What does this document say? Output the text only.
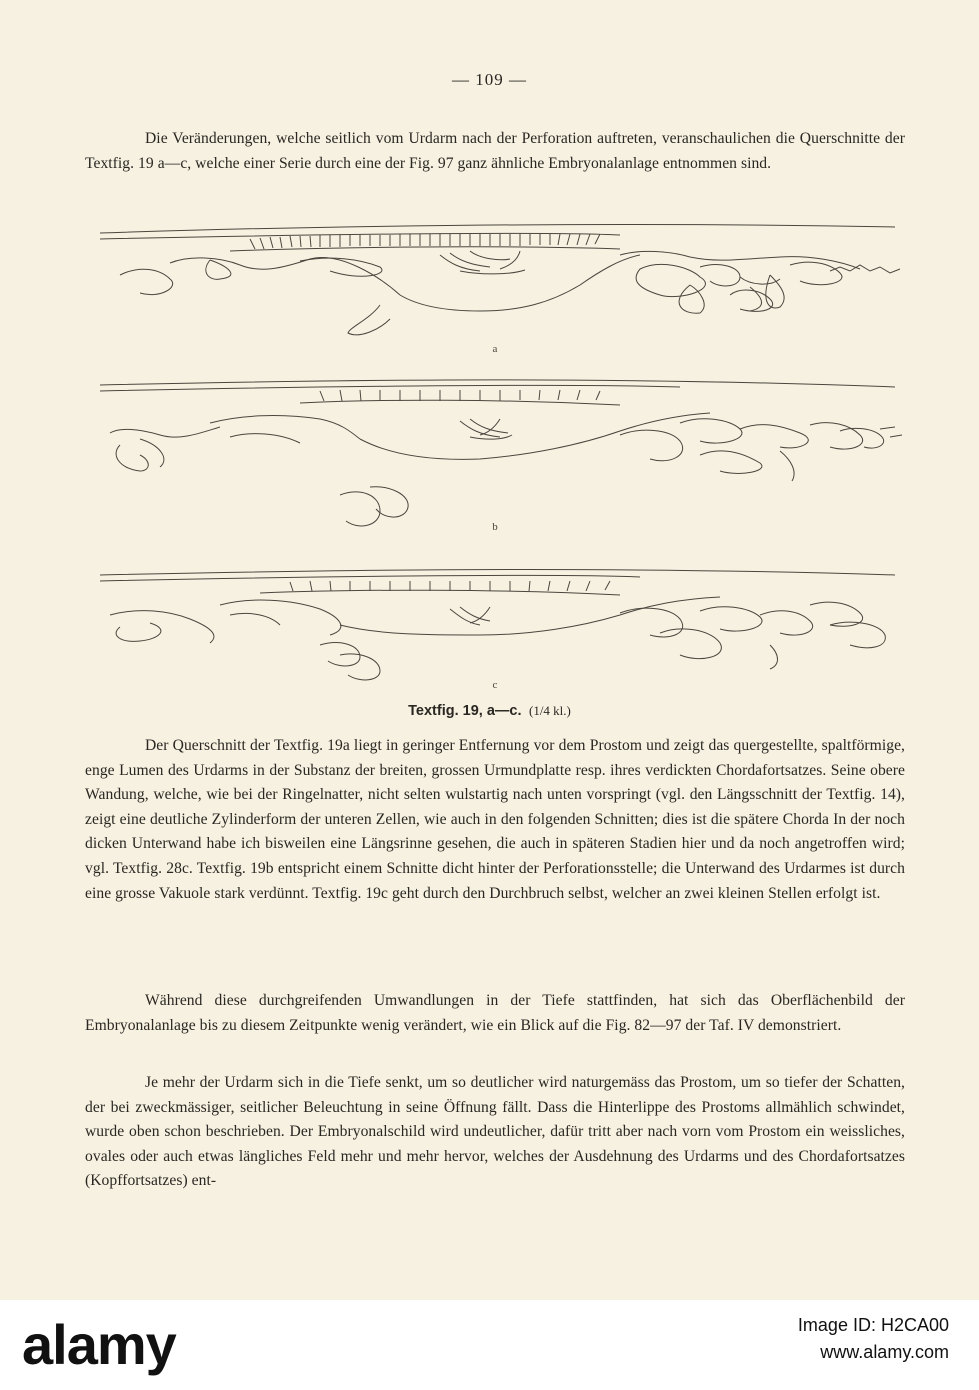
— 109 —

Die Veränderungen, welche seitlich vom Urdarm nach der Perforation auftreten, veranschaulichen die Querschnitte der Textfig. 19 a—c, welche einer Serie durch eine der Fig. 97 ganz ähnliche Embryonalanlage entnommen sind.

a
b
c
Textfig. 19, a—c. (1/4 kl.)

Der Querschnitt der Textfig. 19a liegt in geringer Entfernung vor dem Prostom und zeigt das quergestellte, spaltförmige, enge Lumen des Urdarms in der Substanz der breiten, grossen Urmundplatte resp. ihres verdickten Chordafortsatzes. Seine obere Wandung, welche, wie bei der Ringelnatter, nicht selten wulstartig nach unten vorspringt (vgl. den Längsschnitt der Textfig. 14), zeigt eine deutliche Zylinderform der unteren Zellen, wie auch in den folgenden Schnitten; dies ist die spätere Chorda In der noch dicken Unterwand habe ich bisweilen eine Längsrinne gesehen, die auch in späteren Stadien hier und da noch angetroffen wird; vgl. Textfig. 28c. Textfig. 19b entspricht einem Schnitte dicht hinter der Perforationsstelle; die Unterwand des Urdarmes ist durch eine grosse Vakuole stark verdünnt. Textfig. 19c geht durch den Durchbruch selbst, welcher an zwei kleinen Stellen erfolgt ist.

Während diese durchgreifenden Umwandlungen in der Tiefe stattfinden, hat sich das Oberflächenbild der Embryonalanlage bis zu diesem Zeitpunkte wenig verändert, wie ein Blick auf die Fig. 82—97 der Taf. IV demonstriert.

Je mehr der Urdarm sich in die Tiefe senkt, um so deutlicher wird naturgemäss das Prostom, um so tiefer der Schatten, der bei zweckmässiger, seitlicher Beleuchtung in seine Öffnung fällt. Dass die Hinterlippe des Prostoms allmählich schwindet, wurde oben schon beschrieben. Der Embryonalschild wird undeutlicher, dafür tritt aber nach vorn vom Prostom ein weissliches, ovales oder auch etwas längliches Feld mehr und mehr hervor, welches der Ausdehnung des Urdarms und des Chordafortsatzes (Kopffortsatzes) ent-

alamy	Image ID: H2CA00
www.alamy.com
